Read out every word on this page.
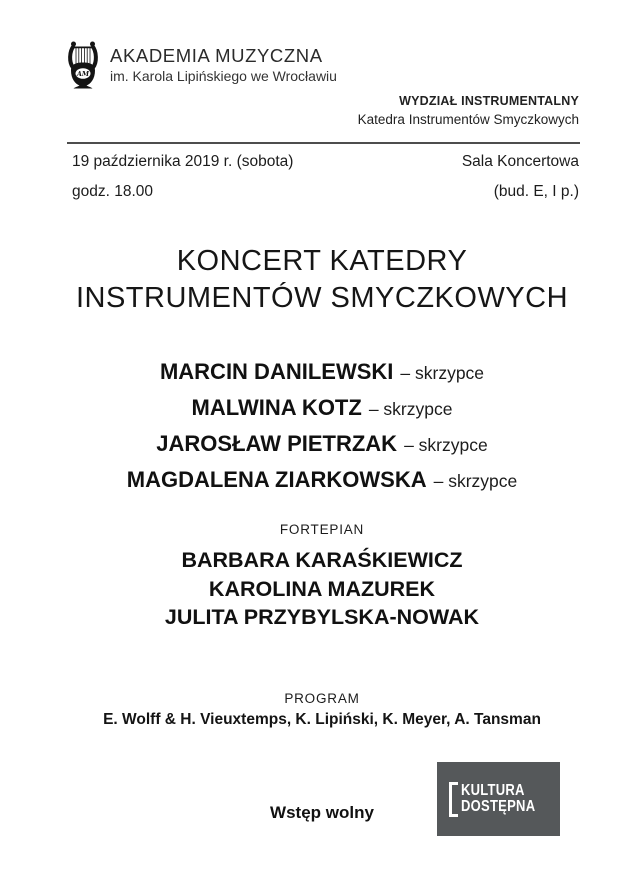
AM
AKADEMIA MUZYCZNA
im. Karola Lipińskiego we Wrocławiu
WYDZIAŁ INSTRUMENTALNY
Katedra Instrumentów Smyczkowych
19 października 2019 r. (sobota)	Sala Koncertowa
godz. 18.00	(bud. E, I p.)
KONCERT KATEDRY
INSTRUMENTÓW SMYCZKOWYCH
MARCIN DANILEWSKI – skrzypce
MALWINA KOTZ – skrzypce
JAROSŁAW PIETRZAK – skrzypce
MAGDALENA ZIARKOWSKA – skrzypce
FORTEPIAN
BARBARA KARAŚKIEWICZ
KAROLINA MAZUREK
JULITA PRZYBYLSKA-NOWAK
PROGRAM
E. Wolff & H. Vieuxtemps, K. Lipiński, K. Meyer, A. Tansman
KULTURA
DOSTĘPNA
Wstęp wolny
